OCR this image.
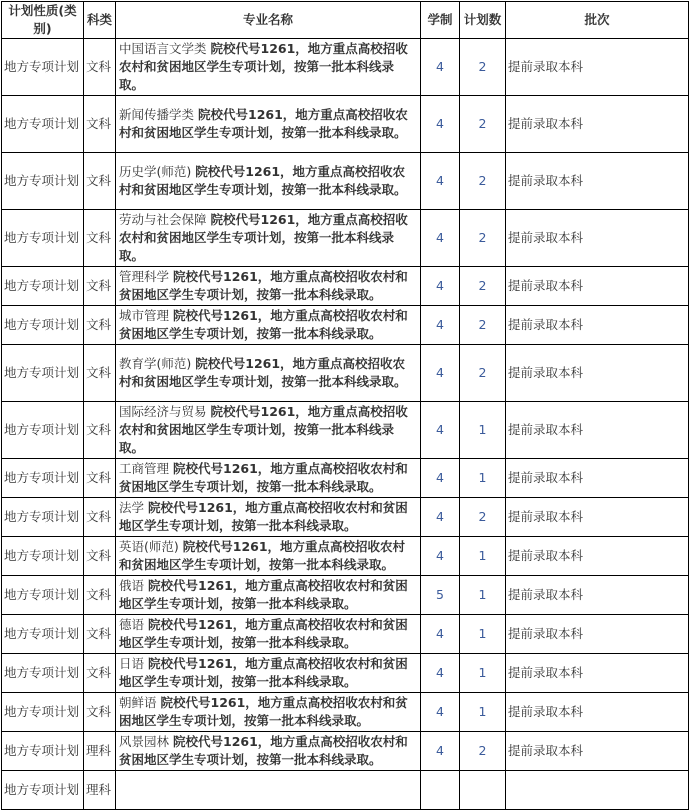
计划性质(类别)	科类	专业名称	学制	计划数	批次
地方专项计划	文科	中国语言文学类 院校代号1261，地方重点高校招收农村和贫困地区学生专项计划，按第一批本科线录取。	4	2	提前录取本科
地方专项计划	文科	新闻传播学类 院校代号1261，地方重点高校招收农村和贫困地区学生专项计划，按第一批本科线录取。	4	2	提前录取本科
地方专项计划	文科	历史学(师范) 院校代号1261，地方重点高校招收农村和贫困地区学生专项计划，按第一批本科线录取。	4	2	提前录取本科
地方专项计划	文科	劳动与社会保障 院校代号1261，地方重点高校招收农村和贫困地区学生专项计划，按第一批本科线录取。	4	2	提前录取本科
地方专项计划	文科	管理科学 院校代号1261，地方重点高校招收农村和贫困地区学生专项计划，按第一批本科线录取。	4	2	提前录取本科
地方专项计划	文科	城市管理 院校代号1261，地方重点高校招收农村和贫困地区学生专项计划，按第一批本科线录取。	4	2	提前录取本科
地方专项计划	文科	教育学(师范) 院校代号1261，地方重点高校招收农村和贫困地区学生专项计划，按第一批本科线录取。	4	2	提前录取本科
地方专项计划	文科	国际经济与贸易 院校代号1261，地方重点高校招收农村和贫困地区学生专项计划，按第一批本科线录取。	4	1	提前录取本科
地方专项计划	文科	工商管理 院校代号1261，地方重点高校招收农村和贫困地区学生专项计划，按第一批本科线录取。	4	1	提前录取本科
地方专项计划	文科	法学 院校代号1261，地方重点高校招收农村和贫困地区学生专项计划，按第一批本科线录取。	4	2	提前录取本科
地方专项计划	文科	英语(师范) 院校代号1261，地方重点高校招收农村和贫困地区学生专项计划，按第一批本科线录取。	4	1	提前录取本科
地方专项计划	文科	俄语 院校代号1261，地方重点高校招收农村和贫困地区学生专项计划，按第一批本科线录取。	5	1	提前录取本科
地方专项计划	文科	德语 院校代号1261，地方重点高校招收农村和贫困地区学生专项计划，按第一批本科线录取。	4	1	提前录取本科
地方专项计划	文科	日语 院校代号1261，地方重点高校招收农村和贫困地区学生专项计划，按第一批本科线录取。	4	1	提前录取本科
地方专项计划	文科	朝鲜语 院校代号1261，地方重点高校招收农村和贫困地区学生专项计划，按第一批本科线录取。	4	1	提前录取本科
地方专项计划	理科	风景园林 院校代号1261，地方重点高校招收农村和贫困地区学生专项计划，按第一批本科线录取。	4	2	提前录取本科
地方专项计划	理科				
